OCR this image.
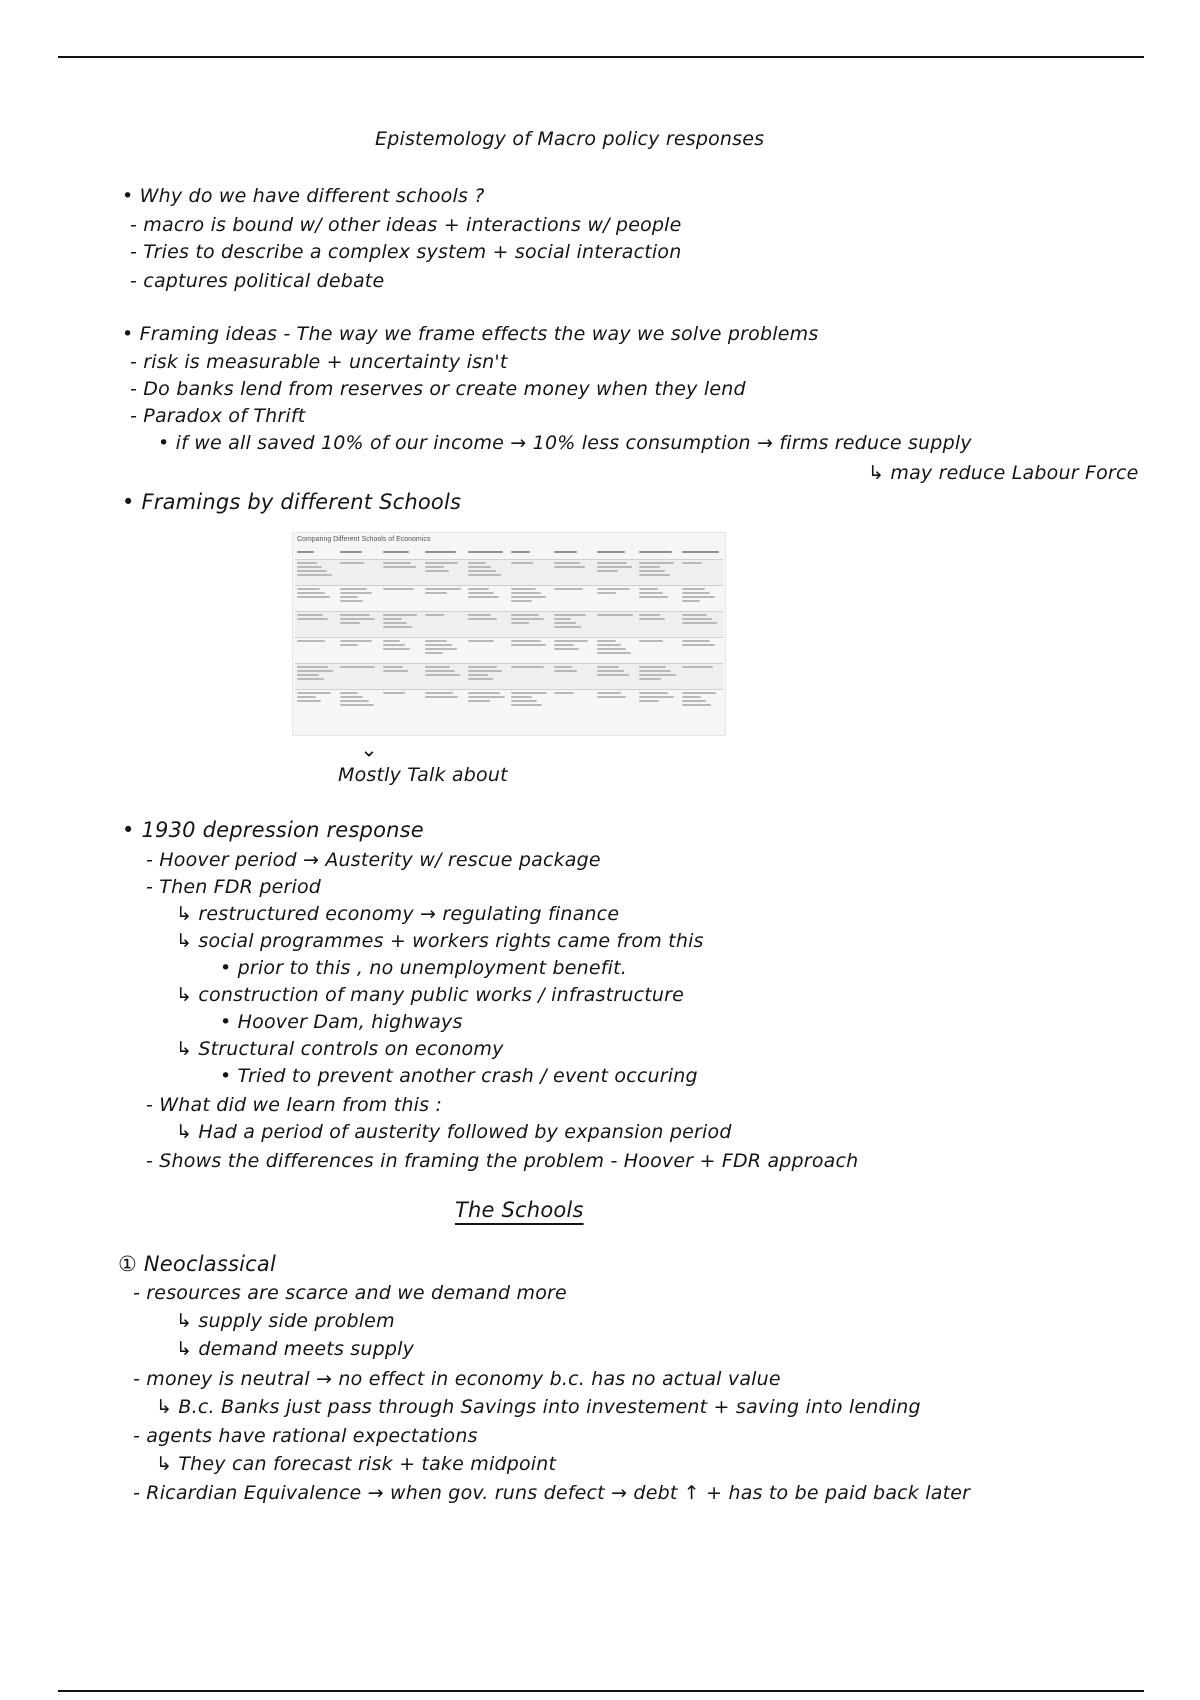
Epistemology of Macro policy responses
• Why do we have different schools ?
- macro is bound w/ other ideas + interactions w/ people
- Tries to describe a complex system + social interaction
- captures political debate
• Framing ideas - The way we frame effects the way we solve problems
- risk is measurable + uncertainty isn't
- Do banks lend from reserves or create money when they lend
- Paradox of Thrift
• if we all saved 10% of our income → 10% less consumption → firms reduce supply
↳ may reduce Labour Force
• Framings by different Schools
Comparing Different Schools of Economics
⌃
Mostly Talk about
• 1930 depression response
- Hoover period → Austerity w/ rescue package
- Then FDR period
↳ restructured economy → regulating finance
↳ social programmes + workers rights came from this
• prior to this , no unemployment benefit.
↳ construction of many public works / infrastructure
• Hoover Dam, highways
↳ Structural controls on economy
• Tried to prevent another crash / event occuring
- What did we learn from this :
↳ Had a period of austerity followed by expansion period
- Shows the differences in framing the problem - Hoover + FDR approach
The Schools
① Neoclassical
- resources are scarce and we demand more
↳ supply side problem
↳ demand meets supply
- money is neutral → no effect in economy b.c. has no actual value
↳ B.c. Banks just pass through Savings into investement + saving into lending
- agents have rational expectations
↳ They can forecast risk + take midpoint
- Ricardian Equivalence → when gov. runs defect → debt ↑ + has to be paid back later
